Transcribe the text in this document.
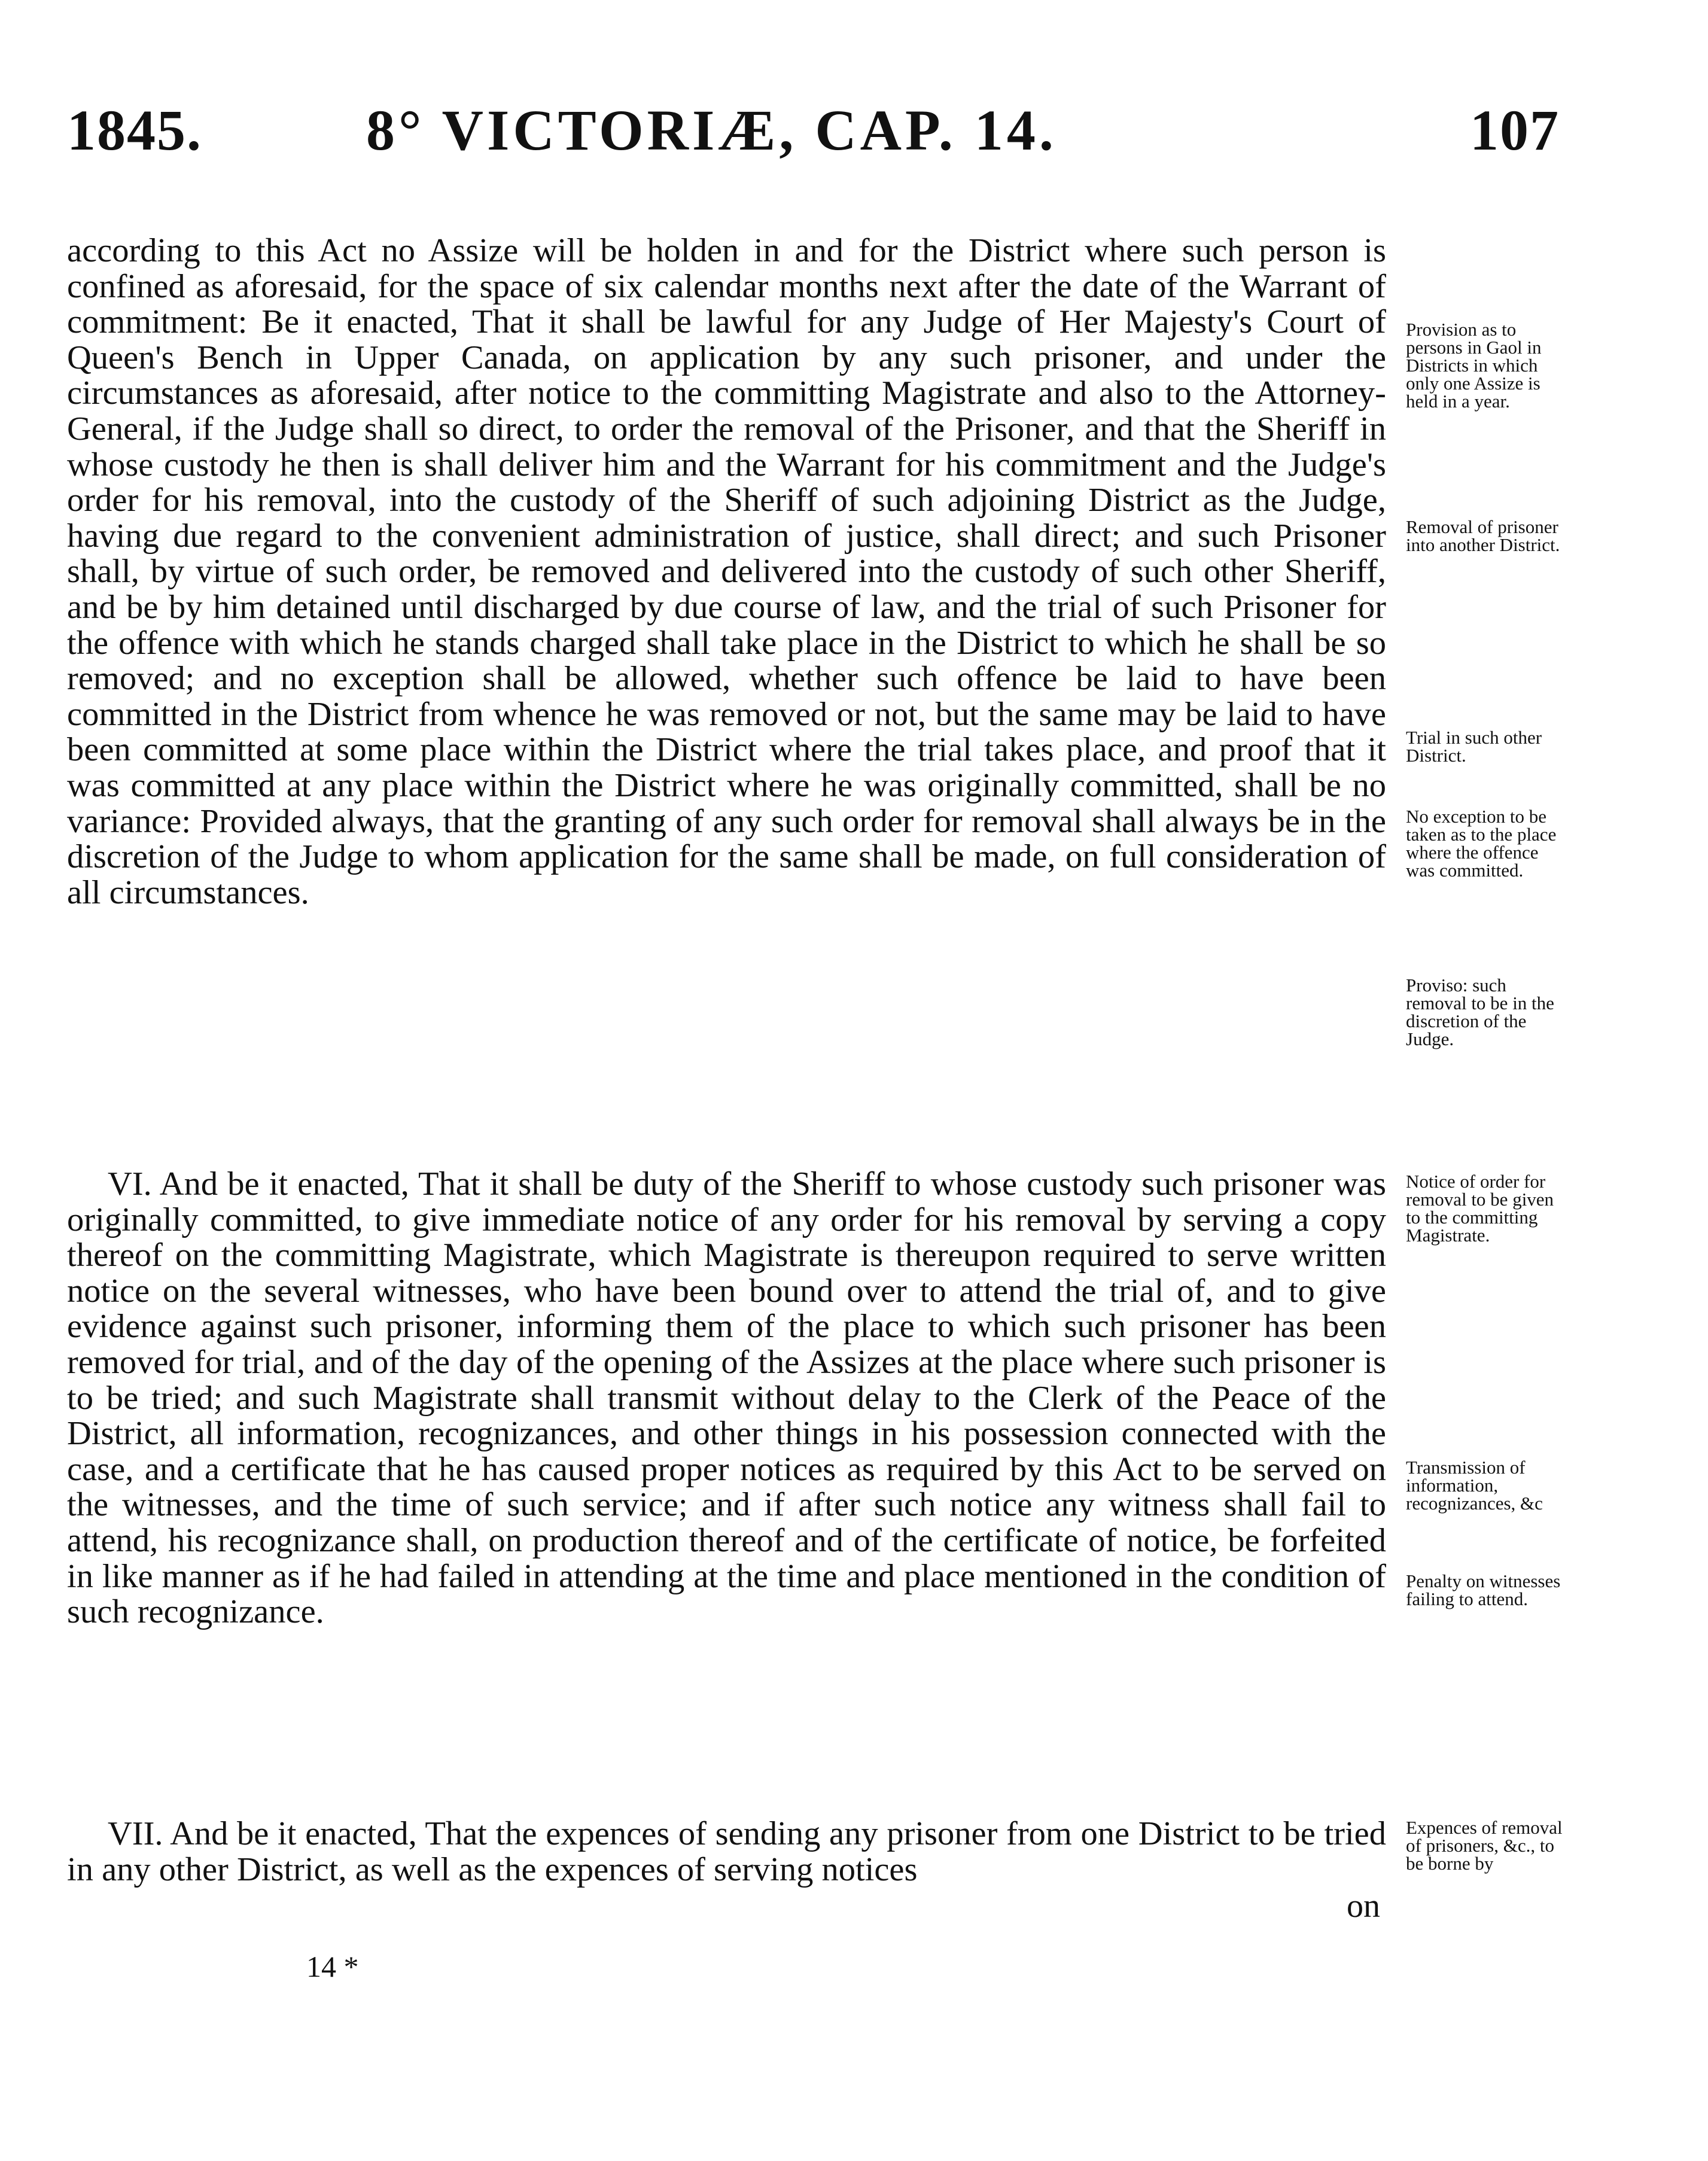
1845.	8° VICTORIÆ, CAP. 14.	107

according to this Act no Assize will be holden in and for the District where such person is confined as aforesaid, for the space of six calendar months next after the date of the Warrant of commitment: Be it enacted, That it shall be lawful for any Judge of Her Majesty's Court of Queen's Bench in Upper Canada, on application by any such prisoner, and under the circumstances as aforesaid, after notice to the committing Magistrate and also to the Attorney-General, if the Judge shall so direct, to order the removal of the Prisoner, and that the Sheriff in whose custody he then is shall deliver him and the Warrant for his commitment and the Judge's order for his removal, into the custody of the Sheriff of such adjoining District as the Judge, having due regard to the convenient administration of justice, shall direct; and such Prisoner shall, by virtue of such order, be removed and delivered into the custody of such other Sheriff, and be by him detained until discharged by due course of law, and the trial of such Prisoner for the offence with which he stands charged shall take place in the District to which he shall be so removed; and no exception shall be allowed, whether such offence be laid to have been committed in the District from whence he was removed or not, but the same may be laid to have been committed at some place within the District where the trial takes place, and proof that it was committed at any place within the District where he was originally committed, shall be no variance: Provided always, that the granting of any such order for removal shall always be in the discretion of the Judge to whom application for the same shall be made, on full consideration of all circumstances.

VI. And be it enacted, That it shall be duty of the Sheriff to whose custody such prisoner was originally committed, to give immediate notice of any order for his removal by serving a copy thereof on the committing Magistrate, which Magistrate is thereupon required to serve written notice on the several witnesses, who have been bound over to attend the trial of, and to give evidence against such prisoner, informing them of the place to which such prisoner has been removed for trial, and of the day of the opening of the Assizes at the place where such prisoner is to be tried; and such Magistrate shall transmit without delay to the Clerk of the Peace of the District, all information, recognizances, and other things in his possession connected with the case, and a certificate that he has caused proper notices as required by this Act to be served on the witnesses, and the time of such service; and if after such notice any witness shall fail to attend, his recognizance shall, on production thereof and of the certificate of notice, be forfeited in like manner as if he had failed in attending at the time and place mentioned in the condition of such recognizance.

VII. And be it enacted, That the expences of sending any prisoner from one District to be tried in any other District, as well as the expences of serving notices

on
14 *

Provision as to persons in Gaol in Districts in which only one Assize is held in a year.

Removal of prisoner into another District.

Trial in such other District.

No exception to be taken as to the place where the offence was committed.

Proviso: such removal to be in the discretion of the Judge.

Notice of order for removal to be given to the committing Magistrate.

Transmission of information, recognizances, &c

Penalty on witnesses failing to attend.

Expences of removal of prisoners, &c., to be borne by
